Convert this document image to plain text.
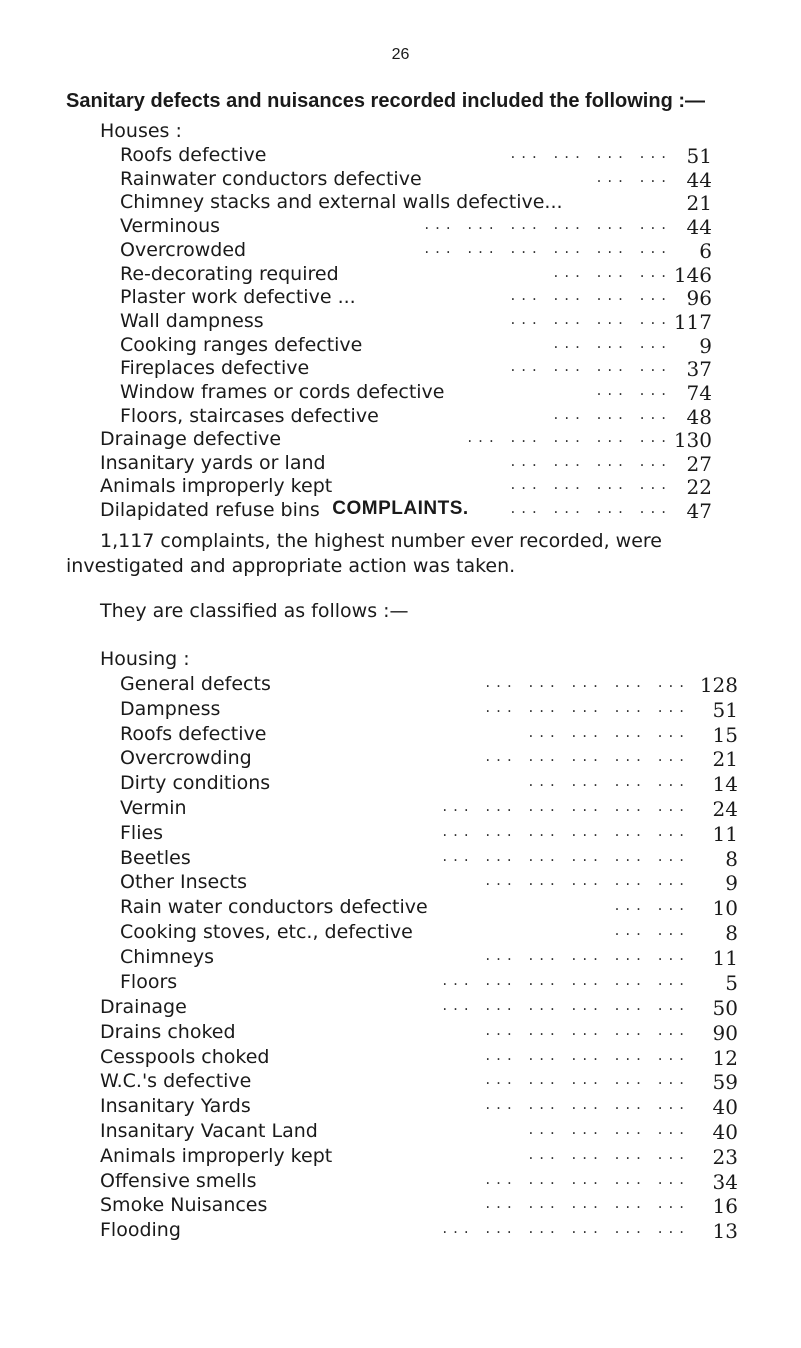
26
Sanitary defects and nuisances recorded included the following :—
Houses :
Roofs defective	... ... ... ... 51
Rainwater conductors defective	... ... 44
Chimney stacks and external walls defective...	21
Verminous	... ... ... ... ... ... 44
Overcrowded	... ... ... ... ... ... 6
Re-decorating required	... ... ... 146
Plaster work defective ...	... ... ... ... 96
Wall dampness	... ... ... ... 117
Cooking ranges defective	... ... ... 9
Fireplaces defective	... ... ... ... 37
Window frames or cords defective	... ... 74
Floors, staircases defective	... ... ... 48
Drainage defective	... ... ... ... ... 130
Insanitary yards or land	... ... ... ... 27
Animals improperly kept	... ... ... ... 22
Dilapidated refuse bins	... ... ... ... 47
COMPLAINTS.
1,117 complaints, the highest number ever recorded, were
investigated and appropriate action was taken.
They are classified as follows :—
Housing :
General defects	... ... ... ... ... 128
Dampness	... ... ... ... ... 51
Roofs defective	... ... ... ... 15
Overcrowding	... ... ... ... ... 21
Dirty conditions	... ... ... ... 14
Vermin	... ... ... ... ... ... 24
Flies	... ... ... ... ... ... 11
Beetles	... ... ... ... ... ... 8
Other Insects	... ... ... ... ... 9
Rain water conductors defective	... ... 10
Cooking stoves, etc., defective	... ... 8
Chimneys	... ... ... ... ... 11
Floors	... ... ... ... ... ... 5
Drainage	... ... ... ... ... ... 50
Drains choked	... ... ... ... ... 90
Cesspools choked	... ... ... ... ... 12
W.C.'s defective	... ... ... ... ... 59
Insanitary Yards	... ... ... ... ... 40
Insanitary Vacant Land	... ... ... ... 40
Animals improperly kept	... ... ... ... 23
Offensive smells	... ... ... ... ... 34
Smoke Nuisances	... ... ... ... ... 16
Flooding	... ... ... ... ... ... 13
